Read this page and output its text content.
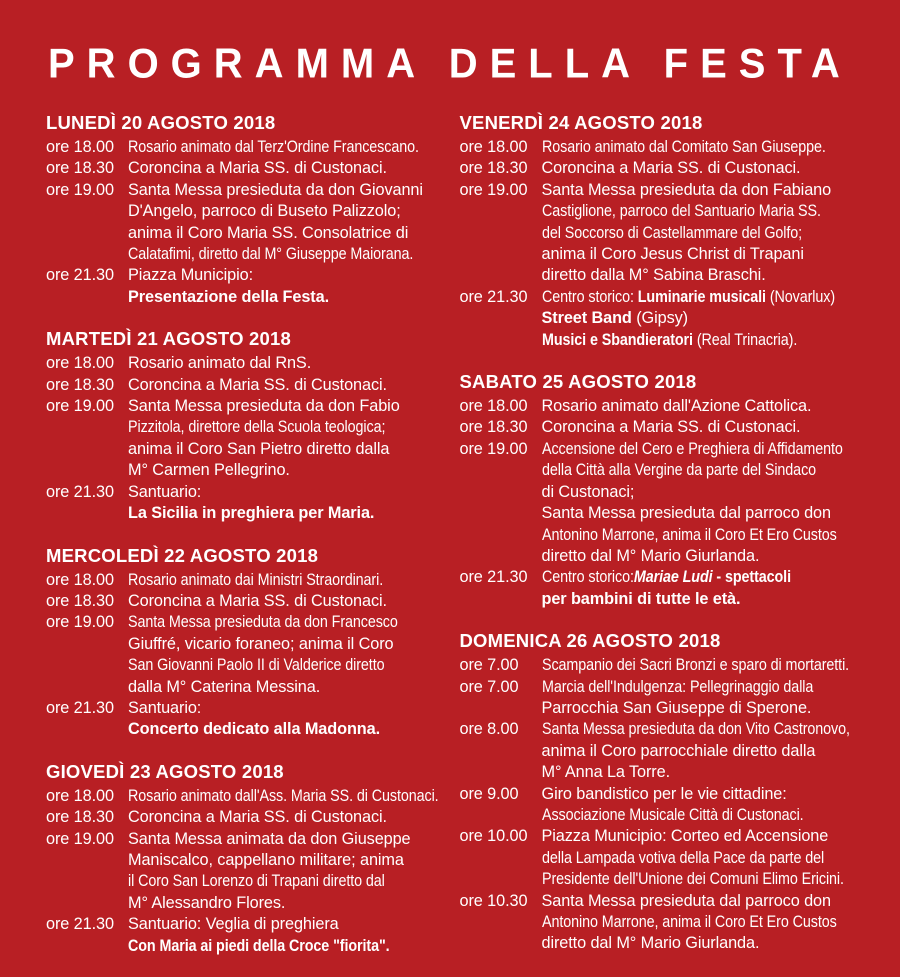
PROGRAMMA DELLA FESTA
LUNEDÌ 20 AGOSTO 2018
ore 18.00 Rosario animato dal Terz'Ordine Francescano.
ore 18.30 Coroncina a Maria SS. di Custonaci.
ore 19.00 Santa Messa presieduta da don Giovanni
D'Angelo, parroco di Buseto Palizzolo;
anima il Coro Maria SS. Consolatrice di
Calatafimi, diretto dal M° Giuseppe Maiorana.
ore 21.30 Piazza Municipio:
Presentazione della Festa.
MARTEDÌ 21 AGOSTO 2018
ore 18.00 Rosario animato dal RnS.
ore 18.30 Coroncina a Maria SS. di Custonaci.
ore 19.00 Santa Messa presieduta da don Fabio
Pizzitola, direttore della Scuola teologica;
anima il Coro San Pietro diretto dalla
M° Carmen Pellegrino.
ore 21.30 Santuario:
La Sicilia in preghiera per Maria.
MERCOLEDÌ 22 AGOSTO 2018
ore 18.00 Rosario animato dai Ministri Straordinari.
ore 18.30 Coroncina a Maria SS. di Custonaci.
ore 19.00 Santa Messa presieduta da don Francesco
Giuffré, vicario foraneo; anima il Coro
San Giovanni Paolo II di Valderice diretto
dalla M° Caterina Messina.
ore 21.30 Santuario:
Concerto dedicato alla Madonna.
GIOVEDÌ 23 AGOSTO 2018
ore 18.00 Rosario animato dall'Ass. Maria SS. di Custonaci.
ore 18.30 Coroncina a Maria SS. di Custonaci.
ore 19.00 Santa Messa animata da don Giuseppe
Maniscalco, cappellano militare; anima
il Coro San Lorenzo di Trapani diretto dal
M° Alessandro Flores.
ore 21.30 Santuario: Veglia di preghiera
Con Maria ai piedi della Croce "fiorita".
VENERDÌ 24 AGOSTO 2018
ore 18.00 Rosario animato dal Comitato San Giuseppe.
ore 18.30 Coroncina a Maria SS. di Custonaci.
ore 19.00 Santa Messa presieduta da don Fabiano
Castiglione, parroco del Santuario Maria SS.
del Soccorso di Castellammare del Golfo;
anima il Coro Jesus Christ di Trapani
diretto dalla M° Sabina Braschi.
ore 21.30 Centro storico: Luminarie musicali (Novarlux)
Street Band (Gipsy)
Musici e Sbandieratori (Real Trinacria).
SABATO 25 AGOSTO 2018
ore 18.00 Rosario animato dall'Azione Cattolica.
ore 18.30 Coroncina a Maria SS. di Custonaci.
ore 19.00 Accensione del Cero e Preghiera di Affidamento
della Città alla Vergine da parte del Sindaco
di Custonaci;
Santa Messa presieduta dal parroco don
Antonino Marrone, anima il Coro Et Ero Custos
diretto dal M° Mario Giurlanda.
ore 21.30 Centro storico:Mariae Ludi - spettacoli
per bambini di tutte le età.
DOMENICA 26 AGOSTO 2018
ore 7.00	Scampanio dei Sacri Bronzi e sparo di mortaretti.
ore 7.00	Marcia dell'Indulgenza: Pellegrinaggio dalla
Parrocchia San Giuseppe di Sperone.
ore 8.00	Santa Messa presieduta da don Vito Castronovo,
anima il Coro parrocchiale diretto dalla
M° Anna La Torre.
ore 9.00	Giro bandistico per le vie cittadine:
Associazione Musicale Città di Custonaci.
ore 10.00 Piazza Municipio: Corteo ed Accensione
della Lampada votiva della Pace da parte del
Presidente dell'Unione dei Comuni Elimo Ericini.
ore 10.30 Santa Messa presieduta dal parroco don
Antonino Marrone, anima il Coro Et Ero Custos
diretto dal M° Mario Giurlanda.
